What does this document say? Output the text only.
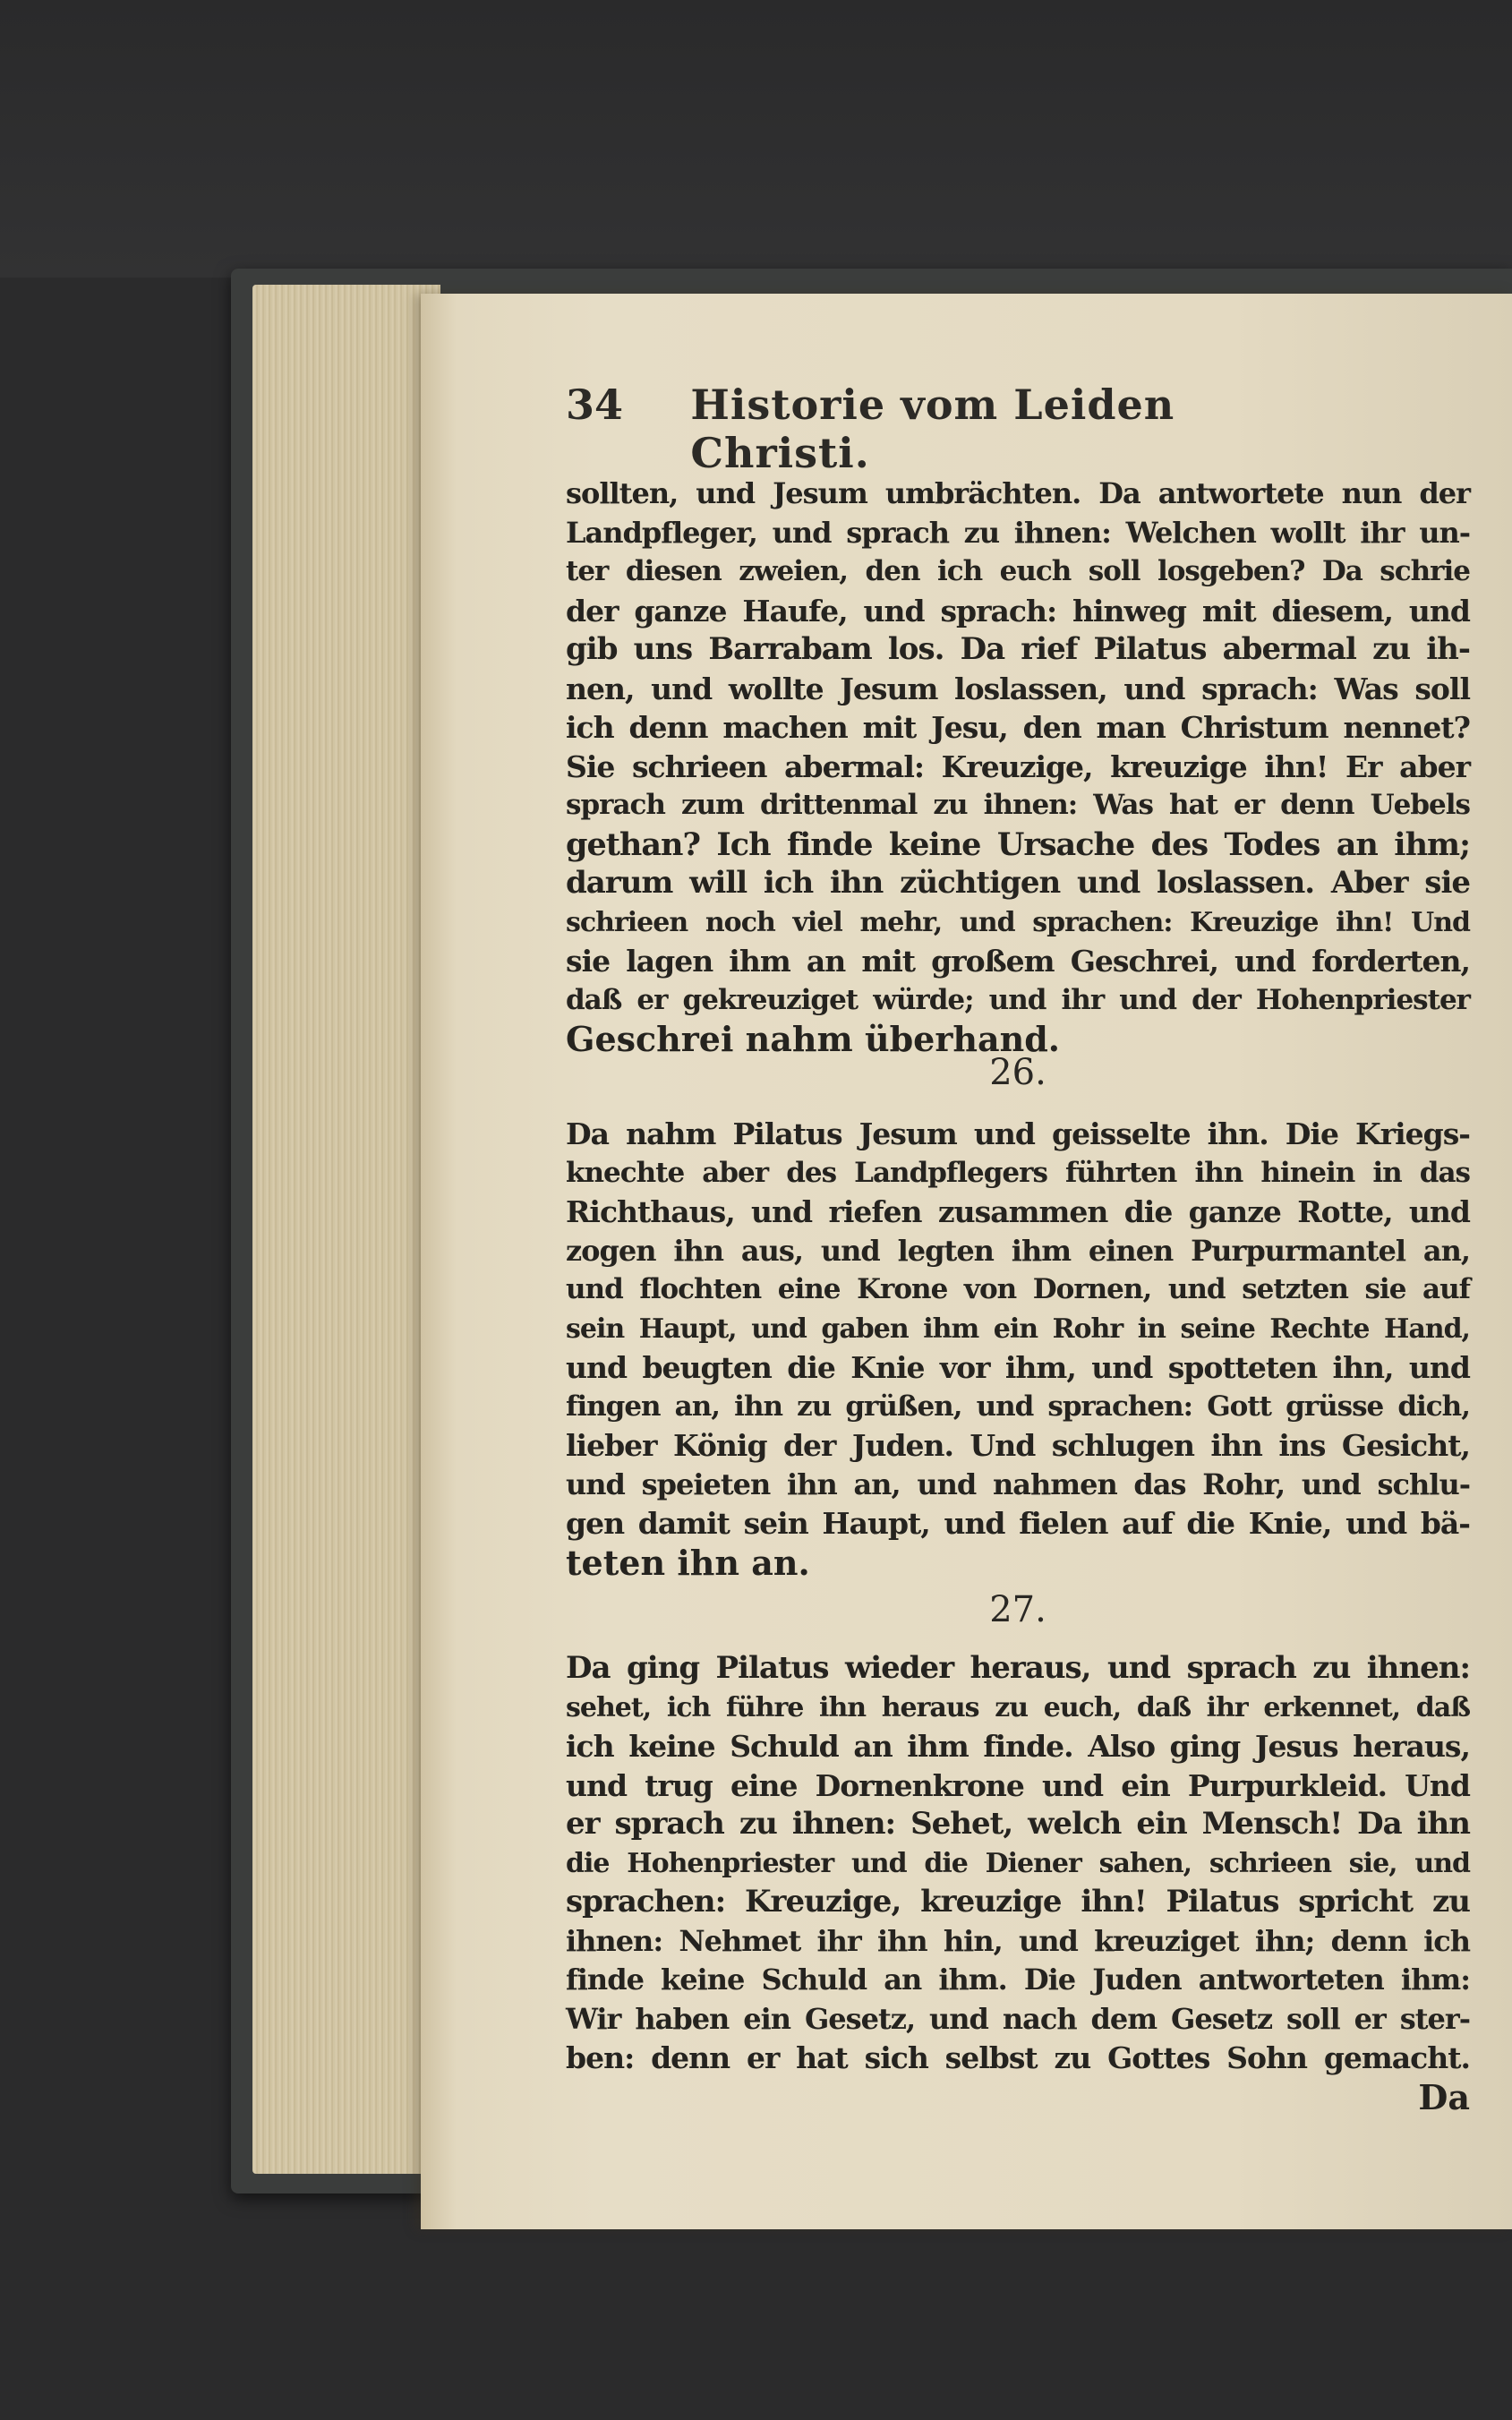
34	Historie vom Leiden Christi.
sollten, und Jesum umbrächten. Da antwortete nun der
Landpfleger, und sprach zu ihnen: Welchen wollt ihr un-
ter diesen zweien, den ich euch soll losgeben? Da schrie
der ganze Haufe, und sprach: hinweg mit diesem, und
gib uns Barrabam los. Da rief Pilatus abermal zu ih-
nen, und wollte Jesum loslassen, und sprach: Was soll
ich denn machen mit Jesu, den man Christum nennet?
Sie schrieen abermal: Kreuzige, kreuzige ihn! Er aber
sprach zum drittenmal zu ihnen: Was hat er denn Uebels
gethan? Ich finde keine Ursache des Todes an ihm;
darum will ich ihn züchtigen und loslassen. Aber sie
schrieen noch viel mehr, und sprachen: Kreuzige ihn! Und
sie lagen ihm an mit großem Geschrei, und forderten,
daß er gekreuziget würde; und ihr und der Hohenpriester
Geschrei nahm überhand.
26.
Da nahm Pilatus Jesum und geisselte ihn. Die Kriegs-
knechte aber des Landpflegers führten ihn hinein in das
Richthaus, und riefen zusammen die ganze Rotte, und
zogen ihn aus, und legten ihm einen Purpurmantel an,
und flochten eine Krone von Dornen, und setzten sie auf
sein Haupt, und gaben ihm ein Rohr in seine Rechte Hand,
und beugten die Knie vor ihm, und spotteten ihn, und
fingen an, ihn zu grüßen, und sprachen: Gott grüsse dich,
lieber König der Juden. Und schlugen ihn ins Gesicht,
und speieten ihn an, und nahmen das Rohr, und schlu-
gen damit sein Haupt, und fielen auf die Knie, und bä-
teten ihn an.
27.
Da ging Pilatus wieder heraus, und sprach zu ihnen:
sehet, ich führe ihn heraus zu euch, daß ihr erkennet, daß
ich keine Schuld an ihm finde. Also ging Jesus heraus,
und trug eine Dornenkrone und ein Purpurkleid. Und
er sprach zu ihnen: Sehet, welch ein Mensch! Da ihn
die Hohenpriester und die Diener sahen, schrieen sie, und
sprachen: Kreuzige, kreuzige ihn! Pilatus spricht zu
ihnen: Nehmet ihr ihn hin, und kreuziget ihn; denn ich
finde keine Schuld an ihm. Die Juden antworteten ihm:
Wir haben ein Gesetz, und nach dem Gesetz soll er ster-
ben: denn er hat sich selbst zu Gottes Sohn gemacht.
Da
